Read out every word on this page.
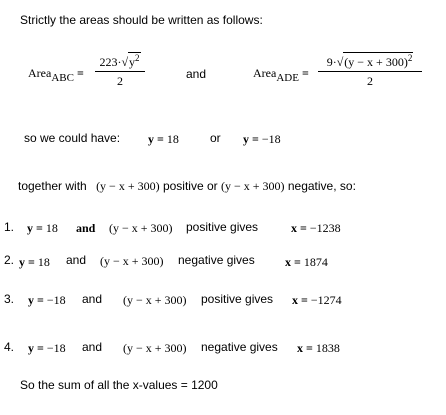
Strictly the areas should be written as follows:
AreaABC =
$223\cdot√y^2$
2	and	AreaADE =
$9\cdot√(y - x + 300)^2$
2
so we could have: y = 18	or y = −18
together with (y − x + 300) positive or (y − x + 300) negative, so:
1. y = 18 and (y − x + 300) positive gives	x = −1238
2. y = 18 and (y − x + 300) negative gives	x = 1874
3. y = −18 and (y − x + 300) positive gives x = −1274
4. y = −18 and (y − x + 300) negative gives x = 1838
So the sum of all the x-values = 1200
